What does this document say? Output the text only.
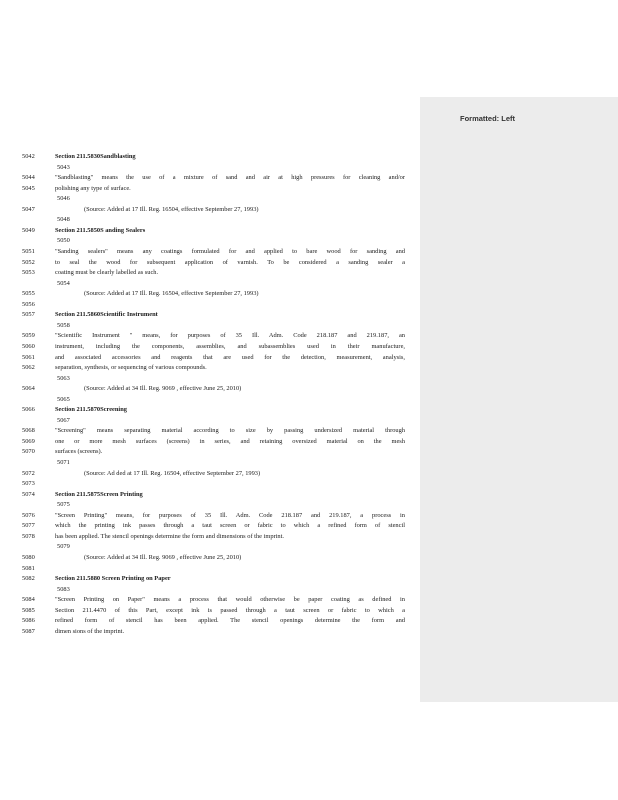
Formatted: Left
5042	Section 211.5830Sandblasting
5043
5044	"Sandblasting" means the use of a mixture of sand and air at high pressures for cleaning and/or
5045	polishing any type of surface.
5046
5047	(Source: Added at 17 Ill. Reg. 16504, effective September 27, 1993)
5048
5049	Section 211.5850S anding Sealers
5050
5051	"Sanding sealers" means any coatings formulated for and applied to bare wood for sanding and
5052	to seal the wood for subsequent application of varnish. To be considered a sanding sealer a
5053	coating must be clearly labelled as such.
5054
5055	(Source: Added at 17 Ill. Reg. 16504, effective September 27, 1993)
5056
5057	Section 211.5860Scientific Instrument
5058
5059	"Scientific Instrument " means, for purposes of 35 Ill. Adm. Code 218.187 and 219.187, an
5060	instrument, including the components, assemblies, and subassemblies used in their manufacture,
5061	and associated accessories and reagents that are used for the detection, measurement, analysis,
5062	separation, synthesis, or sequencing of various compounds.
5063
5064	(Source: Added at 34 Ill. Reg. 9069 , effective June 25, 2010)
5065
5066	Section 211.5870Screening
5067
5068	"Screening" means separating material according to size by passing undersized material through
5069	one or more mesh surfaces (screens) in series, and retaining oversized material on the mesh
5070	surfaces (screens).
5071
5072	(Source: Ad ded at 17 Ill. Reg. 16504, effective September 27, 1993)
5073
5074	Section 211.5875Screen Printing
5075
5076	"Screen Printing" means, for purposes of 35 Ill. Adm. Code 218.187 and 219.187, a process in
5077	which the printing ink passes through a taut screen or fabric to which a refined form of stencil
5078	has been applied. The stencil openings determine the form and dimensions of the imprint.
5079
5080	(Source: Added at 34 Ill. Reg. 9069 , effective June 25, 2010)
5081
5082	Section 211.5880 Screen Printing on Paper
5083
5084	"Screen Printing on Paper" means a process that would otherwise be paper coating as defined in
5085	Section 211.4470 of this Part, except ink is passed through a taut screen or fabric to which a
5086	refined form of stencil has been applied. The stencil openings determine the form and
5087	dimen sions of the imprint.
